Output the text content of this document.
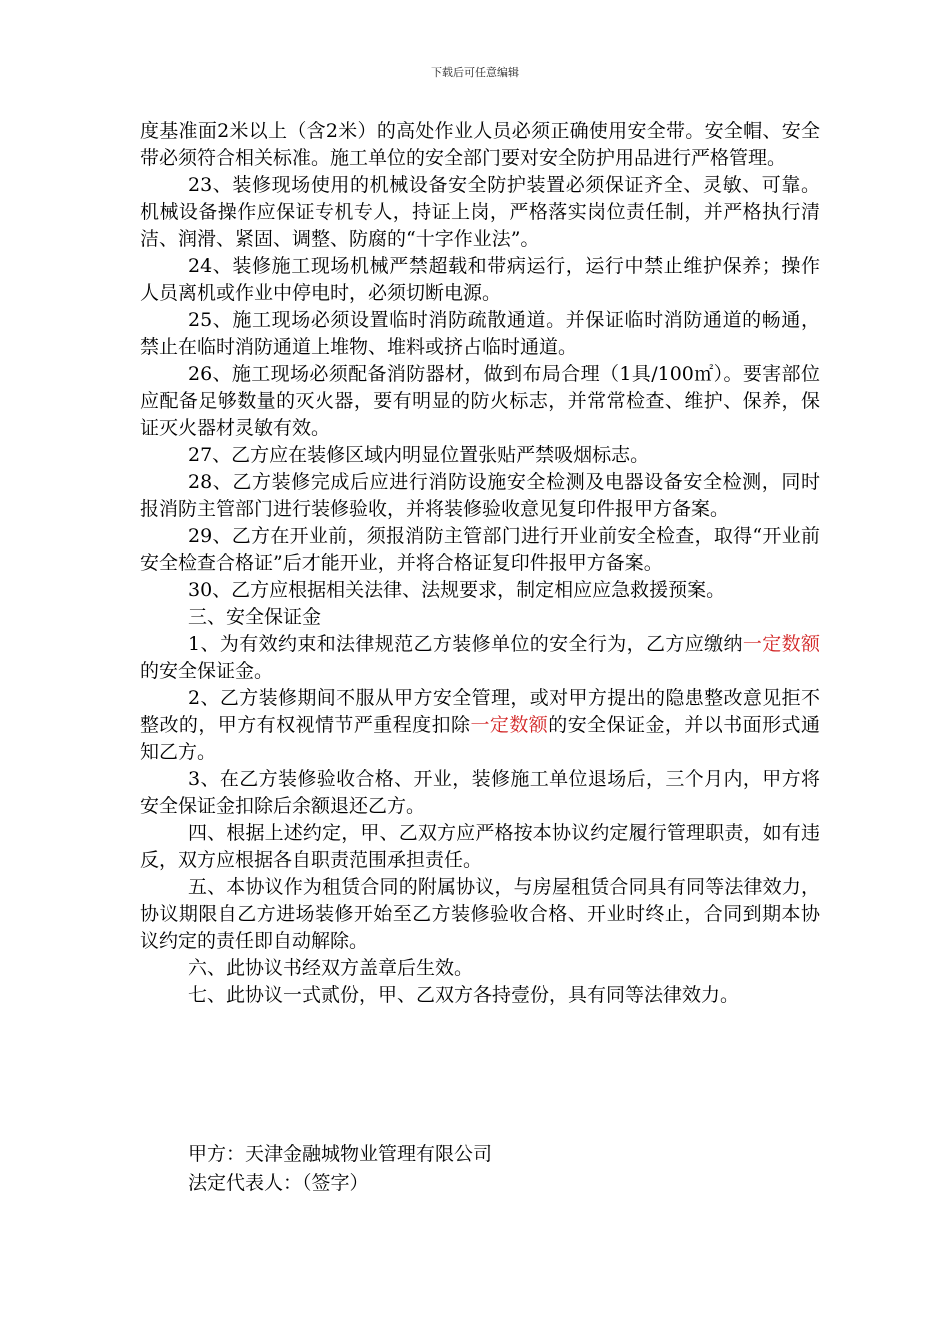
下载后可任意编辑

度基准面2米以上（含2米）的高处作业人员必须正确使用安全带。安全帽、安全带必须符合相关标准。施工单位的安全部门要对安全防护用品进行严格管理。

23、装修现场使用的机械设备安全防护装置必须保证齐全、灵敏、可靠。机械设备操作应保证专机专人，持证上岗，严格落实岗位责任制，并严格执行清洁、润滑、紧固、调整、防腐的“十字作业法”。

24、装修施工现场机械严禁超载和带病运行，运行中禁止维护保养；操作人员离机或作业中停电时，必须切断电源。

25、施工现场必须设置临时消防疏散通道。并保证临时消防通道的畅通，禁止在临时消防通道上堆物、堆料或挤占临时通道。

26、施工现场必须配备消防器材，做到布局合理（1具/100㎡）。要害部位应配备足够数量的灭火器，要有明显的防火标志，并常常检查、维护、保养，保证灭火器材灵敏有效。

27、乙方应在装修区域内明显位置张贴严禁吸烟标志。

28、乙方装修完成后应进行消防设施安全检测及电器设备安全检测，同时报消防主管部门进行装修验收，并将装修验收意见复印件报甲方备案。

29、乙方在开业前，须报消防主管部门进行开业前安全检查，取得“开业前安全检查合格证”后才能开业，并将合格证复印件报甲方备案。

30、乙方应根据相关法律、法规要求，制定相应应急救援预案。

三、安全保证金

1、为有效约束和法律规范乙方装修单位的安全行为，乙方应缴纳一定数额的安全保证金。

2、乙方装修期间不服从甲方安全管理，或对甲方提出的隐患整改意见拒不整改的，甲方有权视情节严重程度扣除一定数额的安全保证金，并以书面形式通知乙方。

3、在乙方装修验收合格、开业，装修施工单位退场后，三个月内，甲方将安全保证金扣除后余额退还乙方。

四、根据上述约定，甲、乙双方应严格按本协议约定履行管理职责，如有违反，双方应根据各自职责范围承担责任。

五、本协议作为租赁合同的附属协议，与房屋租赁合同具有同等法律效力，协议期限自乙方进场装修开始至乙方装修验收合格、开业时终止，合同到期本协议约定的责任即自动解除。

六、此协议书经双方盖章后生效。

七、此协议一式贰份，甲、乙双方各持壹份，具有同等法律效力。

甲方：天津金融城物业管理有限公司
法定代表人：（签字）
